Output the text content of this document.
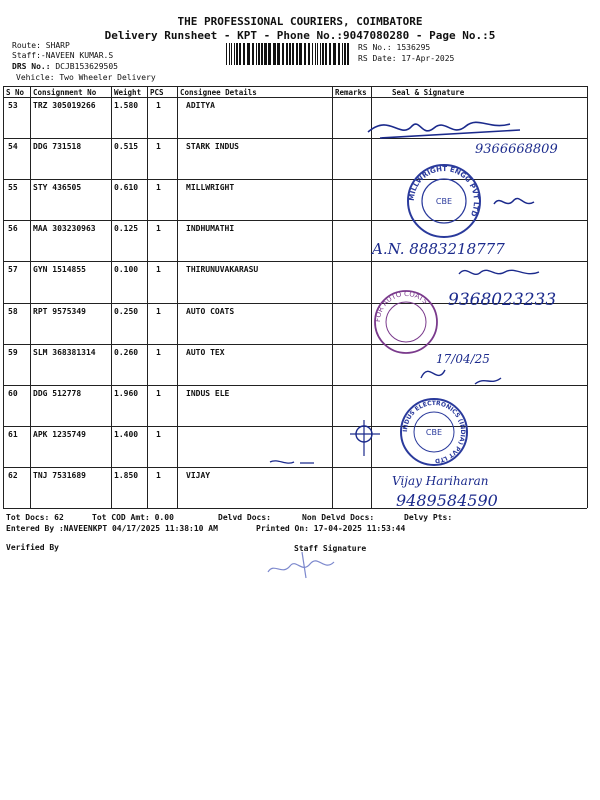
THE PROFESSIONAL COURIERS, COIMBATORE
Delivery Runsheet - KPT - Phone No.:9047080280 - Page No.:5
Route: SHARP
Staff:-NAVEEN KUMAR.S
DRS No.: DCJB153629505
Vehicle: Two Wheeler Delivery
RS No.: 1536295
RS Date: 17-Apr-2025
S No Consignment No Weight PCS Consignee Details	Remarks	Seal & Signature
53 TRZ 305019266 1.580 1	ADITYA
54 DDG 731518	0.515 1	STARK INDUS
55 STY 436505	0.610 1	MILLWRIGHT
56 MAA 303230963 0.125 1	INDHUMATHI
57 GYN 1514855	0.100 1	THIRUNUVAKARASU
58 RPT 9575349	0.250 1	AUTO COATS
59 SLM 368381314 0.260 1	AUTO TEX
60 DDG 512778	1.960 1	INDUS ELE
61 APK 1235749	1.400 1
62 TNJ 7531689	1.850 1	VIJAY
9366668809
MILLWRIGHT ENGG PVT LTD
CBE
A.N. 8883218777
FOR AUTO COATS 9368023233
17/04/25
INDUS ELECTRONICS (INDIA) PVT LTD
CBE
Vijay Hariharan
9489584590
Tot Docs: 62	Tot COD Amt: 0.00	Delvd Docs:	Non Delvd Docs:	Delvy Pts:
Entered By :NAVEENKPT 04/17/2025 11:38:10 AM	Printed On: 17-04-2025 11:53:44
Verified By	Staff Signature
